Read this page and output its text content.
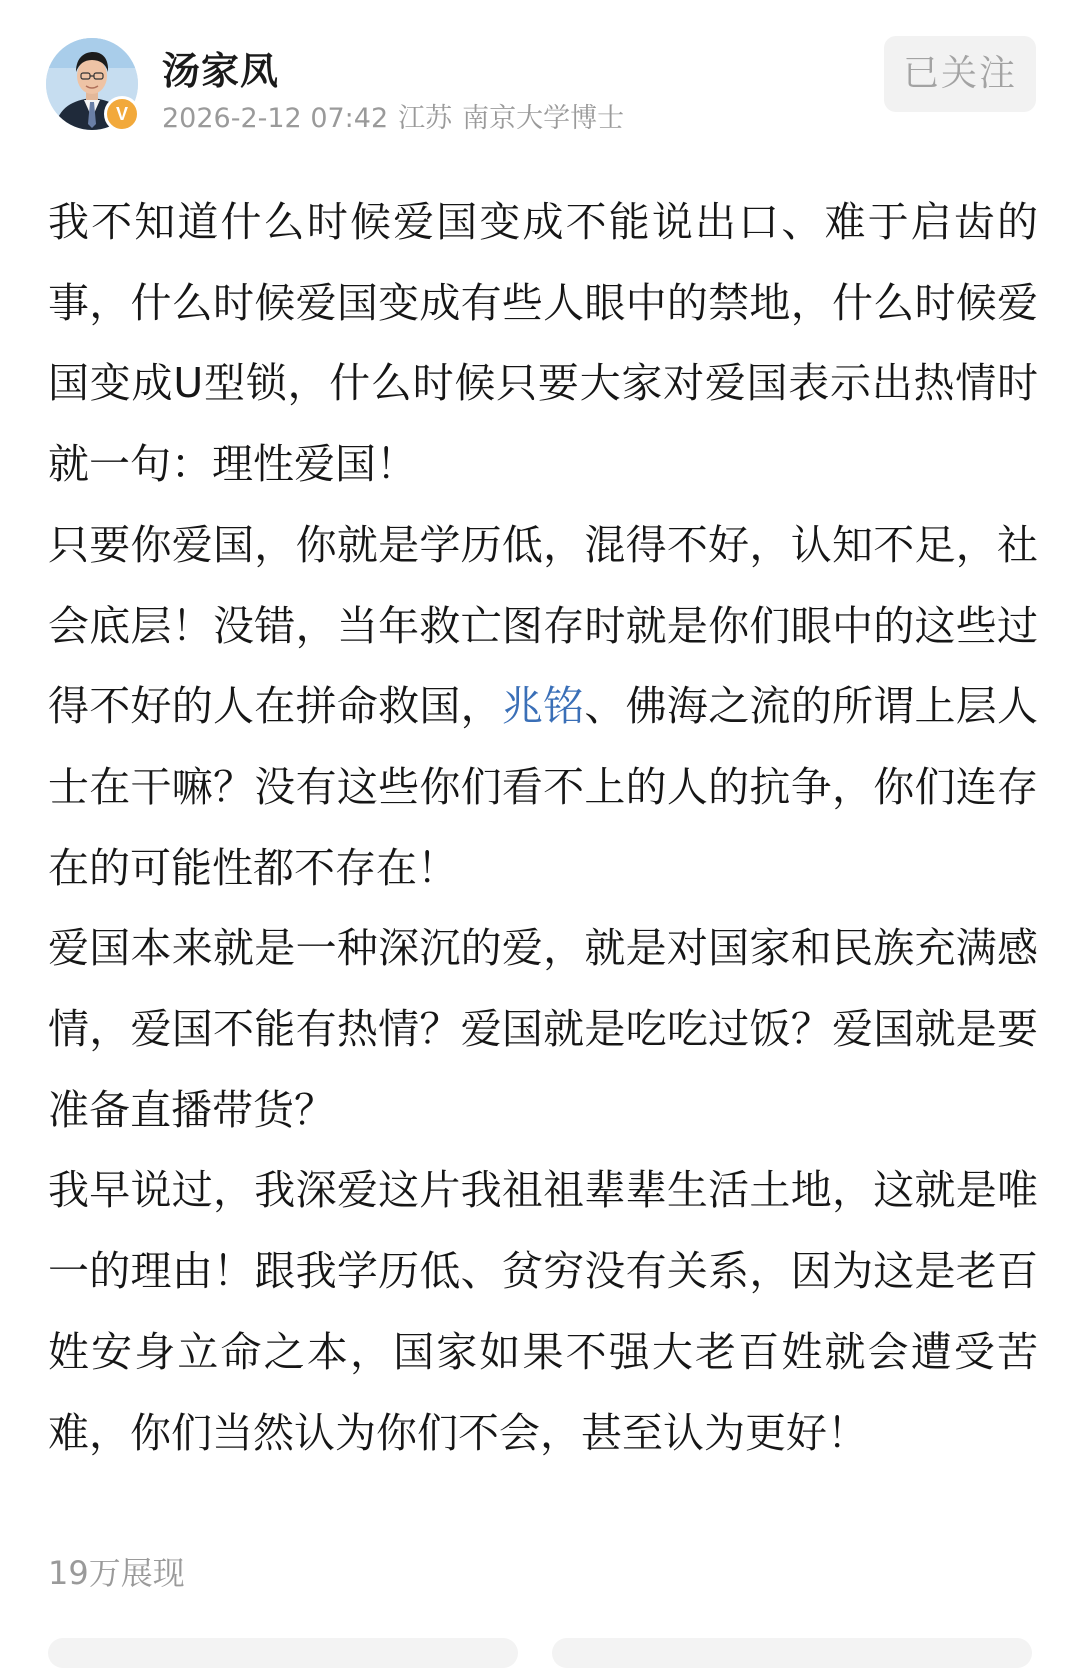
V
汤家凤
2026-2-12 07:42 江苏 南京大学博士
已关注

我不知道什么时候爱国变成不能说出口、难于启齿的事，什么时候爱国变成有些人眼中的禁地，什么时候爱国变成U型锁，什么时候只要大家对爱国表示出热情时就一句：理性爱国！

只要你爱国，你就是学历低，混得不好，认知不足，社会底层！没错，当年救亡图存时就是你们眼中的这些过得不好的人在拼命救国，兆铭、佛海之流的所谓上层人士在干嘛？没有这些你们看不上的人的抗争，你们连存在的可能性都不存在！

爱国本来就是一种深沉的爱，就是对国家和民族充满感情，爱国不能有热情？爱国就是吃吃过饭？爱国就是要准备直播带货？

我早说过，我深爱这片我祖祖辈辈生活土地，这就是唯一的理由！跟我学历低、贫穷没有关系，因为这是老百姓安身立命之本，国家如果不强大老百姓就会遭受苦难，你们当然认为你们不会，甚至认为更好！

19万展现
